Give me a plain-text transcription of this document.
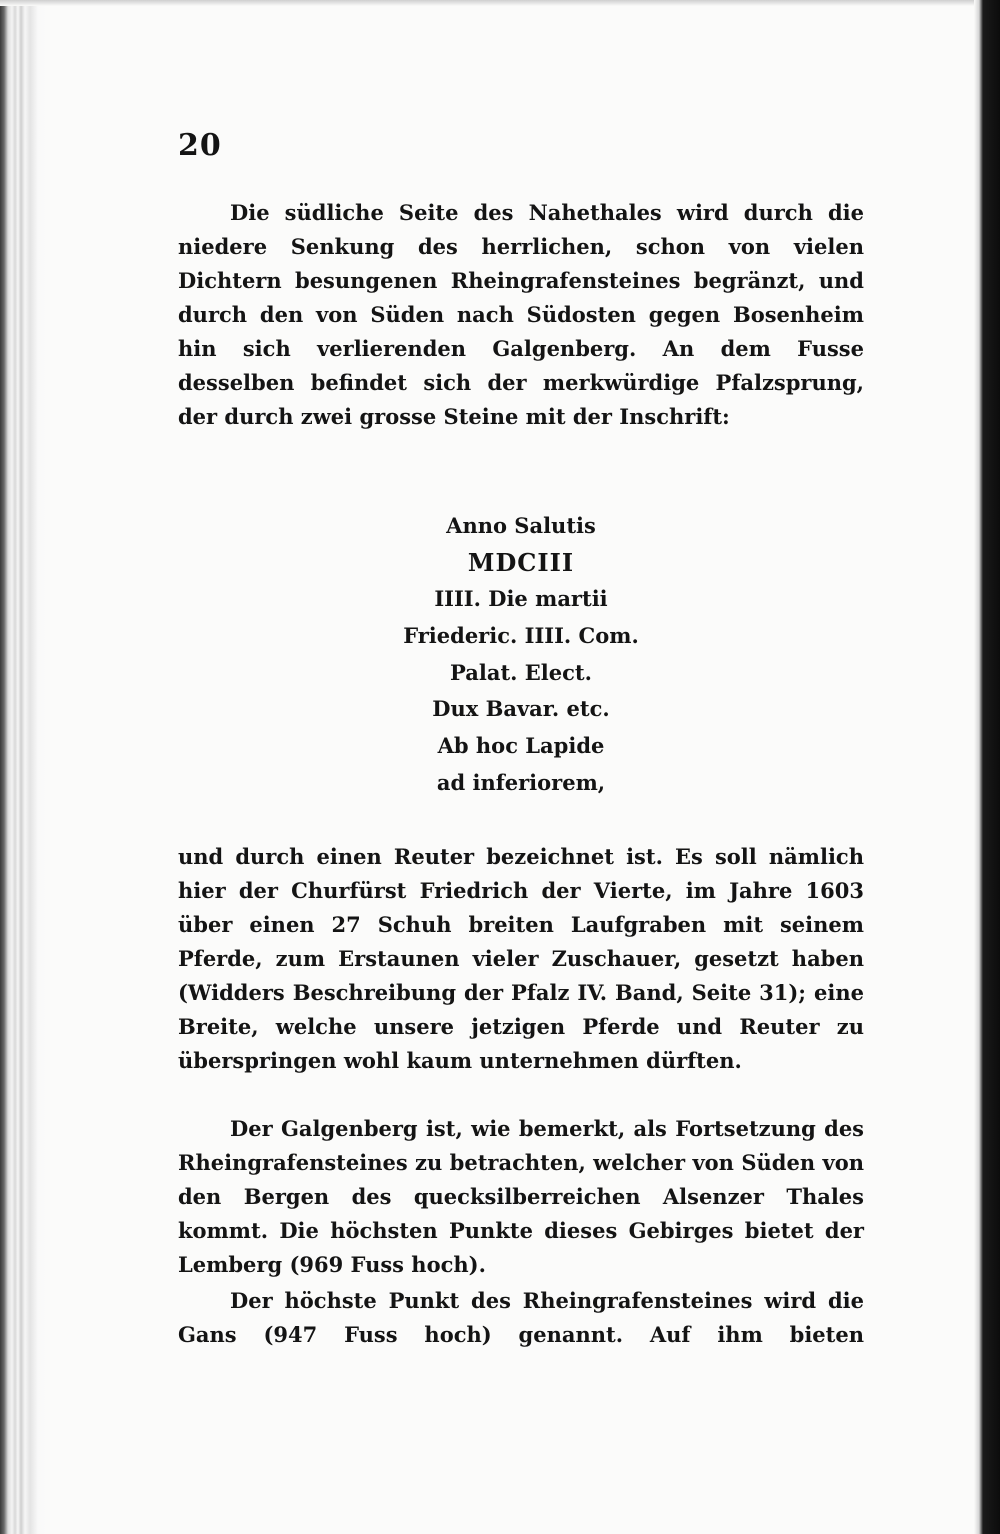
20

Die südliche Seite des Nahethales wird durch die niedere Senkung des herrlichen, schon von vielen Dichtern besungenen Rheingrafensteines begränzt, und durch den von Süden nach Südosten gegen Bosenheim hin sich verlierenden Galgenberg. An dem Fusse desselben befindet sich der merkwürdige Pfalzsprung, der durch zwei grosse Steine mit der Inschrift:

Anno Salutis
MDCIII
IIII. Die martii
Friederic. IIII. Com.
Palat. Elect.
Dux Bavar. etc.
Ab hoc Lapide
ad inferiorem,

und durch einen Reuter bezeichnet ist. Es soll nämlich hier der Churfürst Friedrich der Vierte, im Jahre 1603 über einen 27 Schuh breiten Laufgraben mit seinem Pferde, zum Erstaunen vieler Zuschauer, gesetzt haben (Widders Beschreibung der Pfalz IV. Band, Seite 31); eine Breite, welche unsere jetzigen Pferde und Reuter zu überspringen wohl kaum unternehmen dürften.

Der Galgenberg ist, wie bemerkt, als Fortsetzung des Rheingrafensteines zu betrachten, welcher von Süden von den Bergen des quecksilberreichen Alsenzer Thales kommt. Die höchsten Punkte dieses Gebirges bietet der Lemberg (969 Fuss hoch).

Der höchste Punkt des Rheingrafensteines wird die Gans (947 Fuss hoch) genannt. Auf ihm bieten
